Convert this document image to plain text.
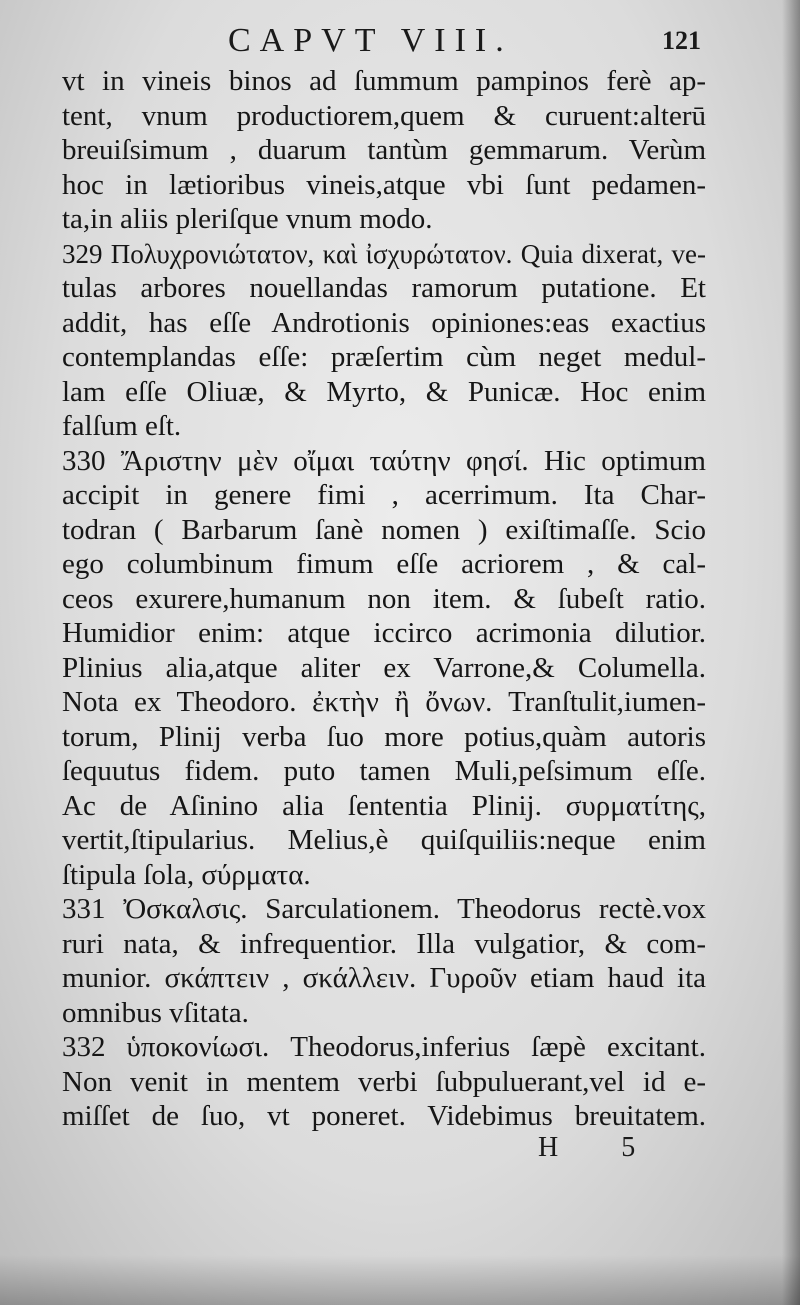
CAPVT VIII.	121
vt in vineis binos ad ſummum pampinos ferè ap-
tent, vnum productiorem,quem & curuent:alterū
breuiſsimum , duarum tantùm gemmarum. Verùm
hoc in lætioribus vineis,atque vbi ſunt pedamen-
ta,in aliis pleriſque vnum modo.
329 Πολυχρονιώτατον, καὶ ἰσχυρώτατον. Quia dixerat, ve-
tulas arbores nouellandas ramorum putatione. Et
addit, has eſſe Androtionis opiniones:eas exactius
contemplandas eſſe: præſertim cùm neget medul-
lam eſſe Oliuæ, & Myrto, & Punicæ. Hoc enim
falſum eſt.
330 Ἄριστην μὲν οἴμαι ταύτην φησί. Hic optimum
accipit in genere fimi , acerrimum. Ita Char-
todran ( Barbarum ſanè nomen ) exiſtimaſſe. Scio
ego columbinum fimum eſſe acriorem , & cal-
ceos exurere,humanum non item. & ſubeſt ratio.
Humidior enim: atque iccirco acrimonia dilutior.
Plinius alia,atque aliter ex Varrone,& Columella.
Nota ex Theodoro. ἐκτὴν ἢ ὄνων. Tranſtulit,iumen-
torum, Plinij verba ſuo more potius,quàm autoris
ſequutus fidem. puto tamen Muli,peſsimum eſſe.
Ac de Aſinino alia ſententia Plinij. συρματίτης,
vertit,ſtipularius. Melius,è quiſquiliis:neque enim
ſtipula ſola, σύρματα.
331 Ὀσκαλσις. Sarculationem. Theodorus rectè.vox
ruri nata, & infrequentior. Illa vulgatior, & com-
munior. σκάπτειν , σκάλλειν. Γυροῦν etiam haud ita
omnibus vſitata.
332 ὑποκονίωσι. Theodorus,inferius ſæpè excitant.
Non venit in mentem verbi ſubpuluerant,vel id e-
miſſet de ſuo, vt poneret. Videbimus breuitatem.
H 5
